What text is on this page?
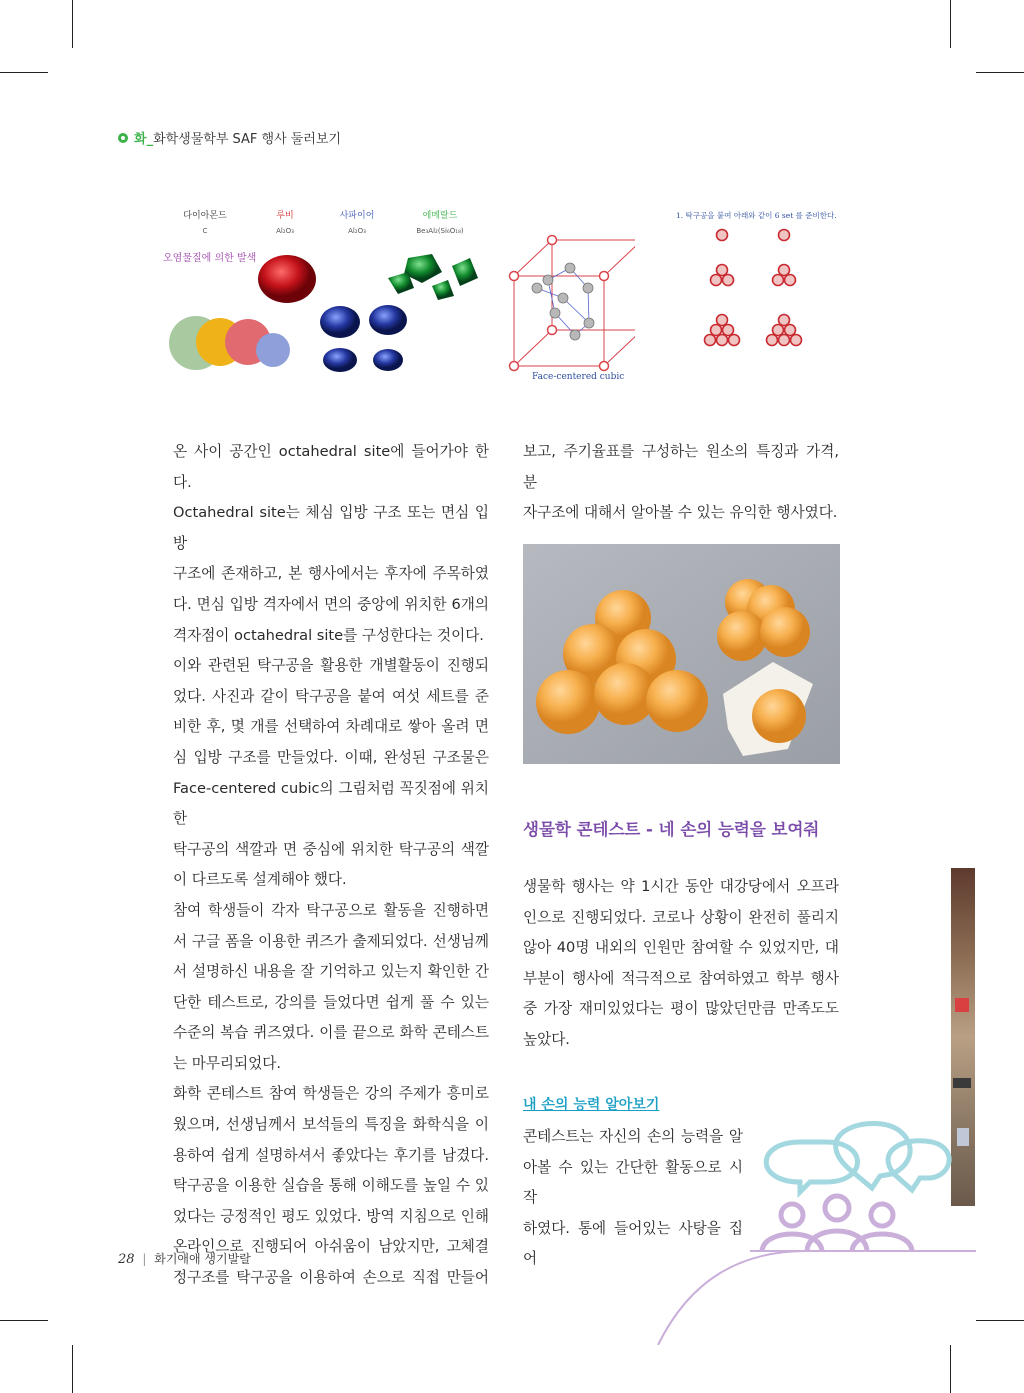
화_화학생물학부 SAF 행사 둘러보기
다이아몬드	루비	사파이어	에메랄드
C	Al₂O₃	Al₂O₃	Be₃Al₂(Si₆O₁₈)
오염물질에 의한 발색
Face-centered cubic
1. 탁구공을 붙여 아래와 같이 6 set 를 준비한다.

온 사이 공간인 octahedral site에 들어가야 한다.

Octahedral site는 체심 입방 구조 또는 면심 입방

구조에 존재하고, 본 행사에서는 후자에 주목하였

다. 면심 입방 격자에서 면의 중앙에 위치한 6개의

격자점이 octahedral site를 구성한다는 것이다.

이와 관련된 탁구공을 활용한 개별활동이 진행되

었다. 사진과 같이 탁구공을 붙여 여섯 세트를 준

비한 후, 몇 개를 선택하여 차례대로 쌓아 올려 면

심 입방 구조를 만들었다. 이때, 완성된 구조물은

Face-centered cubic의 그림처럼 꼭짓점에 위치한

탁구공의 색깔과 면 중심에 위치한 탁구공의 색깔

이 다르도록 설계해야 했다.

참여 학생들이 각자 탁구공으로 활동을 진행하면

서 구글 폼을 이용한 퀴즈가 출제되었다. 선생님께

서 설명하신 내용을 잘 기억하고 있는지 확인한 간

단한 테스트로, 강의를 들었다면 쉽게 풀 수 있는

수준의 복습 퀴즈였다. 이를 끝으로 화학 콘테스트

는 마무리되었다.

화학 콘테스트 참여 학생들은 강의 주제가 흥미로

웠으며, 선생님께서 보석들의 특징을 화학식을 이

용하여 쉽게 설명하셔서 좋았다는 후기를 남겼다.

탁구공을 이용한 실습을 통해 이해도를 높일 수 있

었다는 긍정적인 평도 있었다. 방역 지침으로 인해

온라인으로 진행되어 아쉬움이 남았지만, 고체결

정구조를 탁구공을 이용하여 손으로 직접 만들어

보고, 주기율표를 구성하는 원소의 특징과 가격, 분

자구조에 대해서 알아볼 수 있는 유익한 행사였다.

생물학 콘테스트 - 네 손의 능력을 보여줘

생물학 행사는 약 1시간 동안 대강당에서 오프라

인으로 진행되었다. 코로나 상황이 완전히 풀리지

않아 40명 내외의 인원만 참여할 수 있었지만, 대

부분이 행사에 적극적으로 참여하였고 학부 행사

중 가장 재미있었다는 평이 많았던만큼 만족도도

높았다.

내 손의 능력 알아보기

콘테스트는 자신의 손의 능력을 알

아볼 수 있는 간단한 활동으로 시작

하였다. 통에 들어있는 사탕을 집어

28 | 화기애애 생기발랄
